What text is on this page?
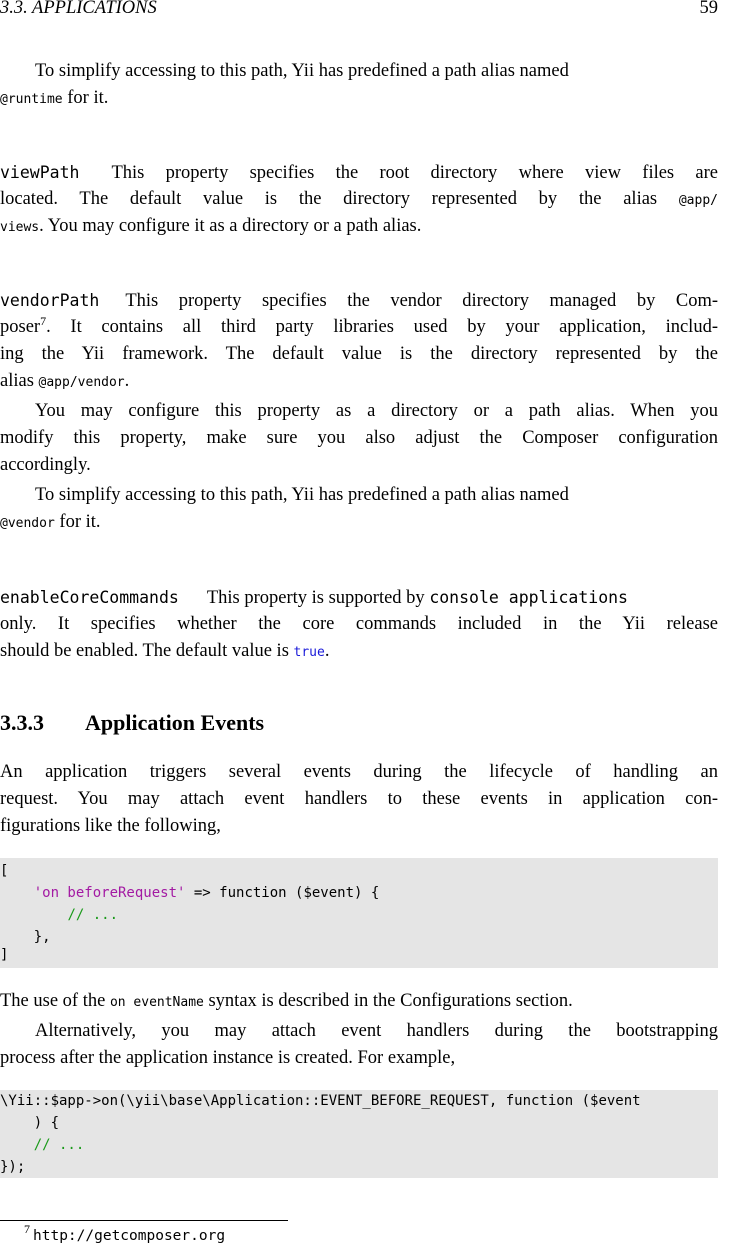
3.3. APPLICATIONS	59
To simplify accessing to this path, Yii has predefined a path alias named
@runtime for it.
viewPath This property specifies the root directory where view files are
located. The default value is the directory represented by the alias @app/
views. You may configure it as a directory or a path alias.
vendorPath This property specifies the vendor directory managed by Com-
poser$^7$. It contains all third party libraries used by your application, includ-
ing the Yii framework. The default value is the directory represented by the
alias @app/vendor.
You may configure this property as a directory or a path alias. When you
modify this property, make sure you also adjust the Composer configuration
accordingly.
To simplify accessing to this path, Yii has predefined a path alias named
@vendor for it.
enableCoreCommands This property is supported by console applications
only. It specifies whether the core commands included in the Yii release
should be enabled. The default value is true.
3.3.3 Application Events
An application triggers several events during the lifecycle of handling an
request. You may attach event handlers to these events in application con-
figurations like the following,
[
'on beforeRequest' => function ($event) {
// ...
},
]
The use of the on eventName syntax is described in the Configurations section.
Alternatively, you may attach event handlers during the bootstrapping
process after the application instance is created. For example,
\Yii::$app->on(\yii\base\Application::EVENT_BEFORE_REQUEST, function ($event
) {
// ...
});
7 http://getcomposer.org
